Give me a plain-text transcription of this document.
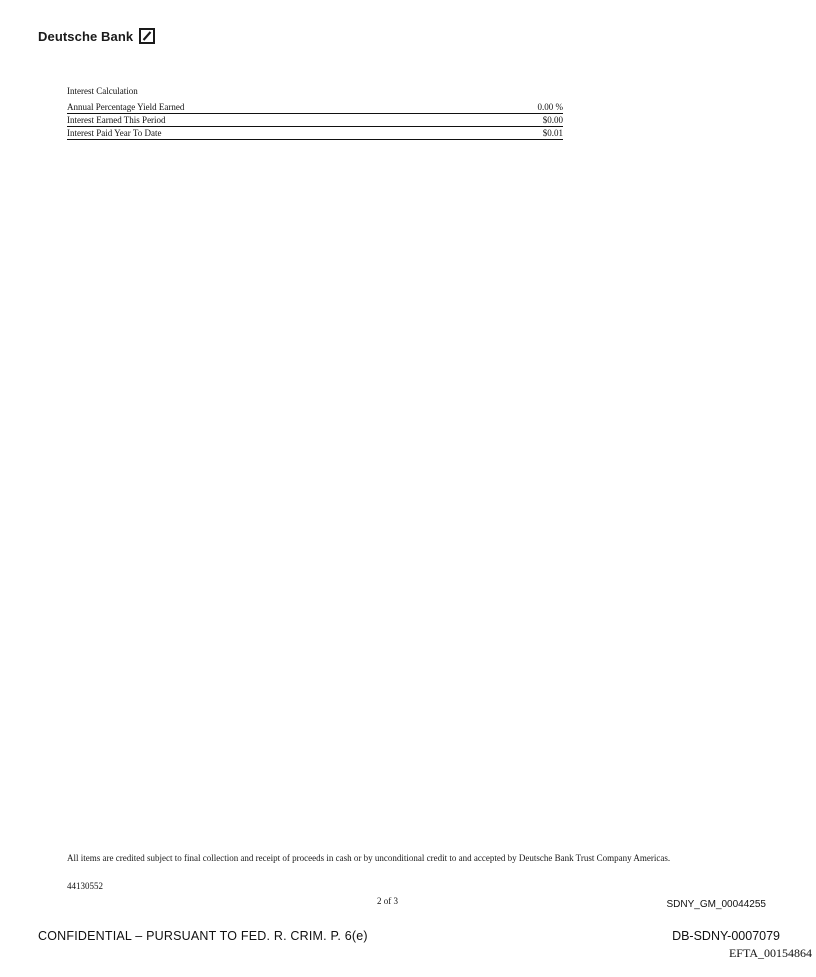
Deutsche Bank
Interest Calculation
Annual Percentage Yield Earned	0.00 %
Interest Earned This Period	$0.00
Interest Paid Year To Date	$0.01
All items are credited subject to final collection and receipt of proceeds in cash or by unconditional credit to and accepted by Deutsche Bank Trust Company Americas.
44130552
2 of 3	SDNY_GM_00044255
CONFIDENTIAL – PURSUANT TO FED. R. CRIM. P. 6(e)	DB-SDNY-0007079
EFTA_00154864
